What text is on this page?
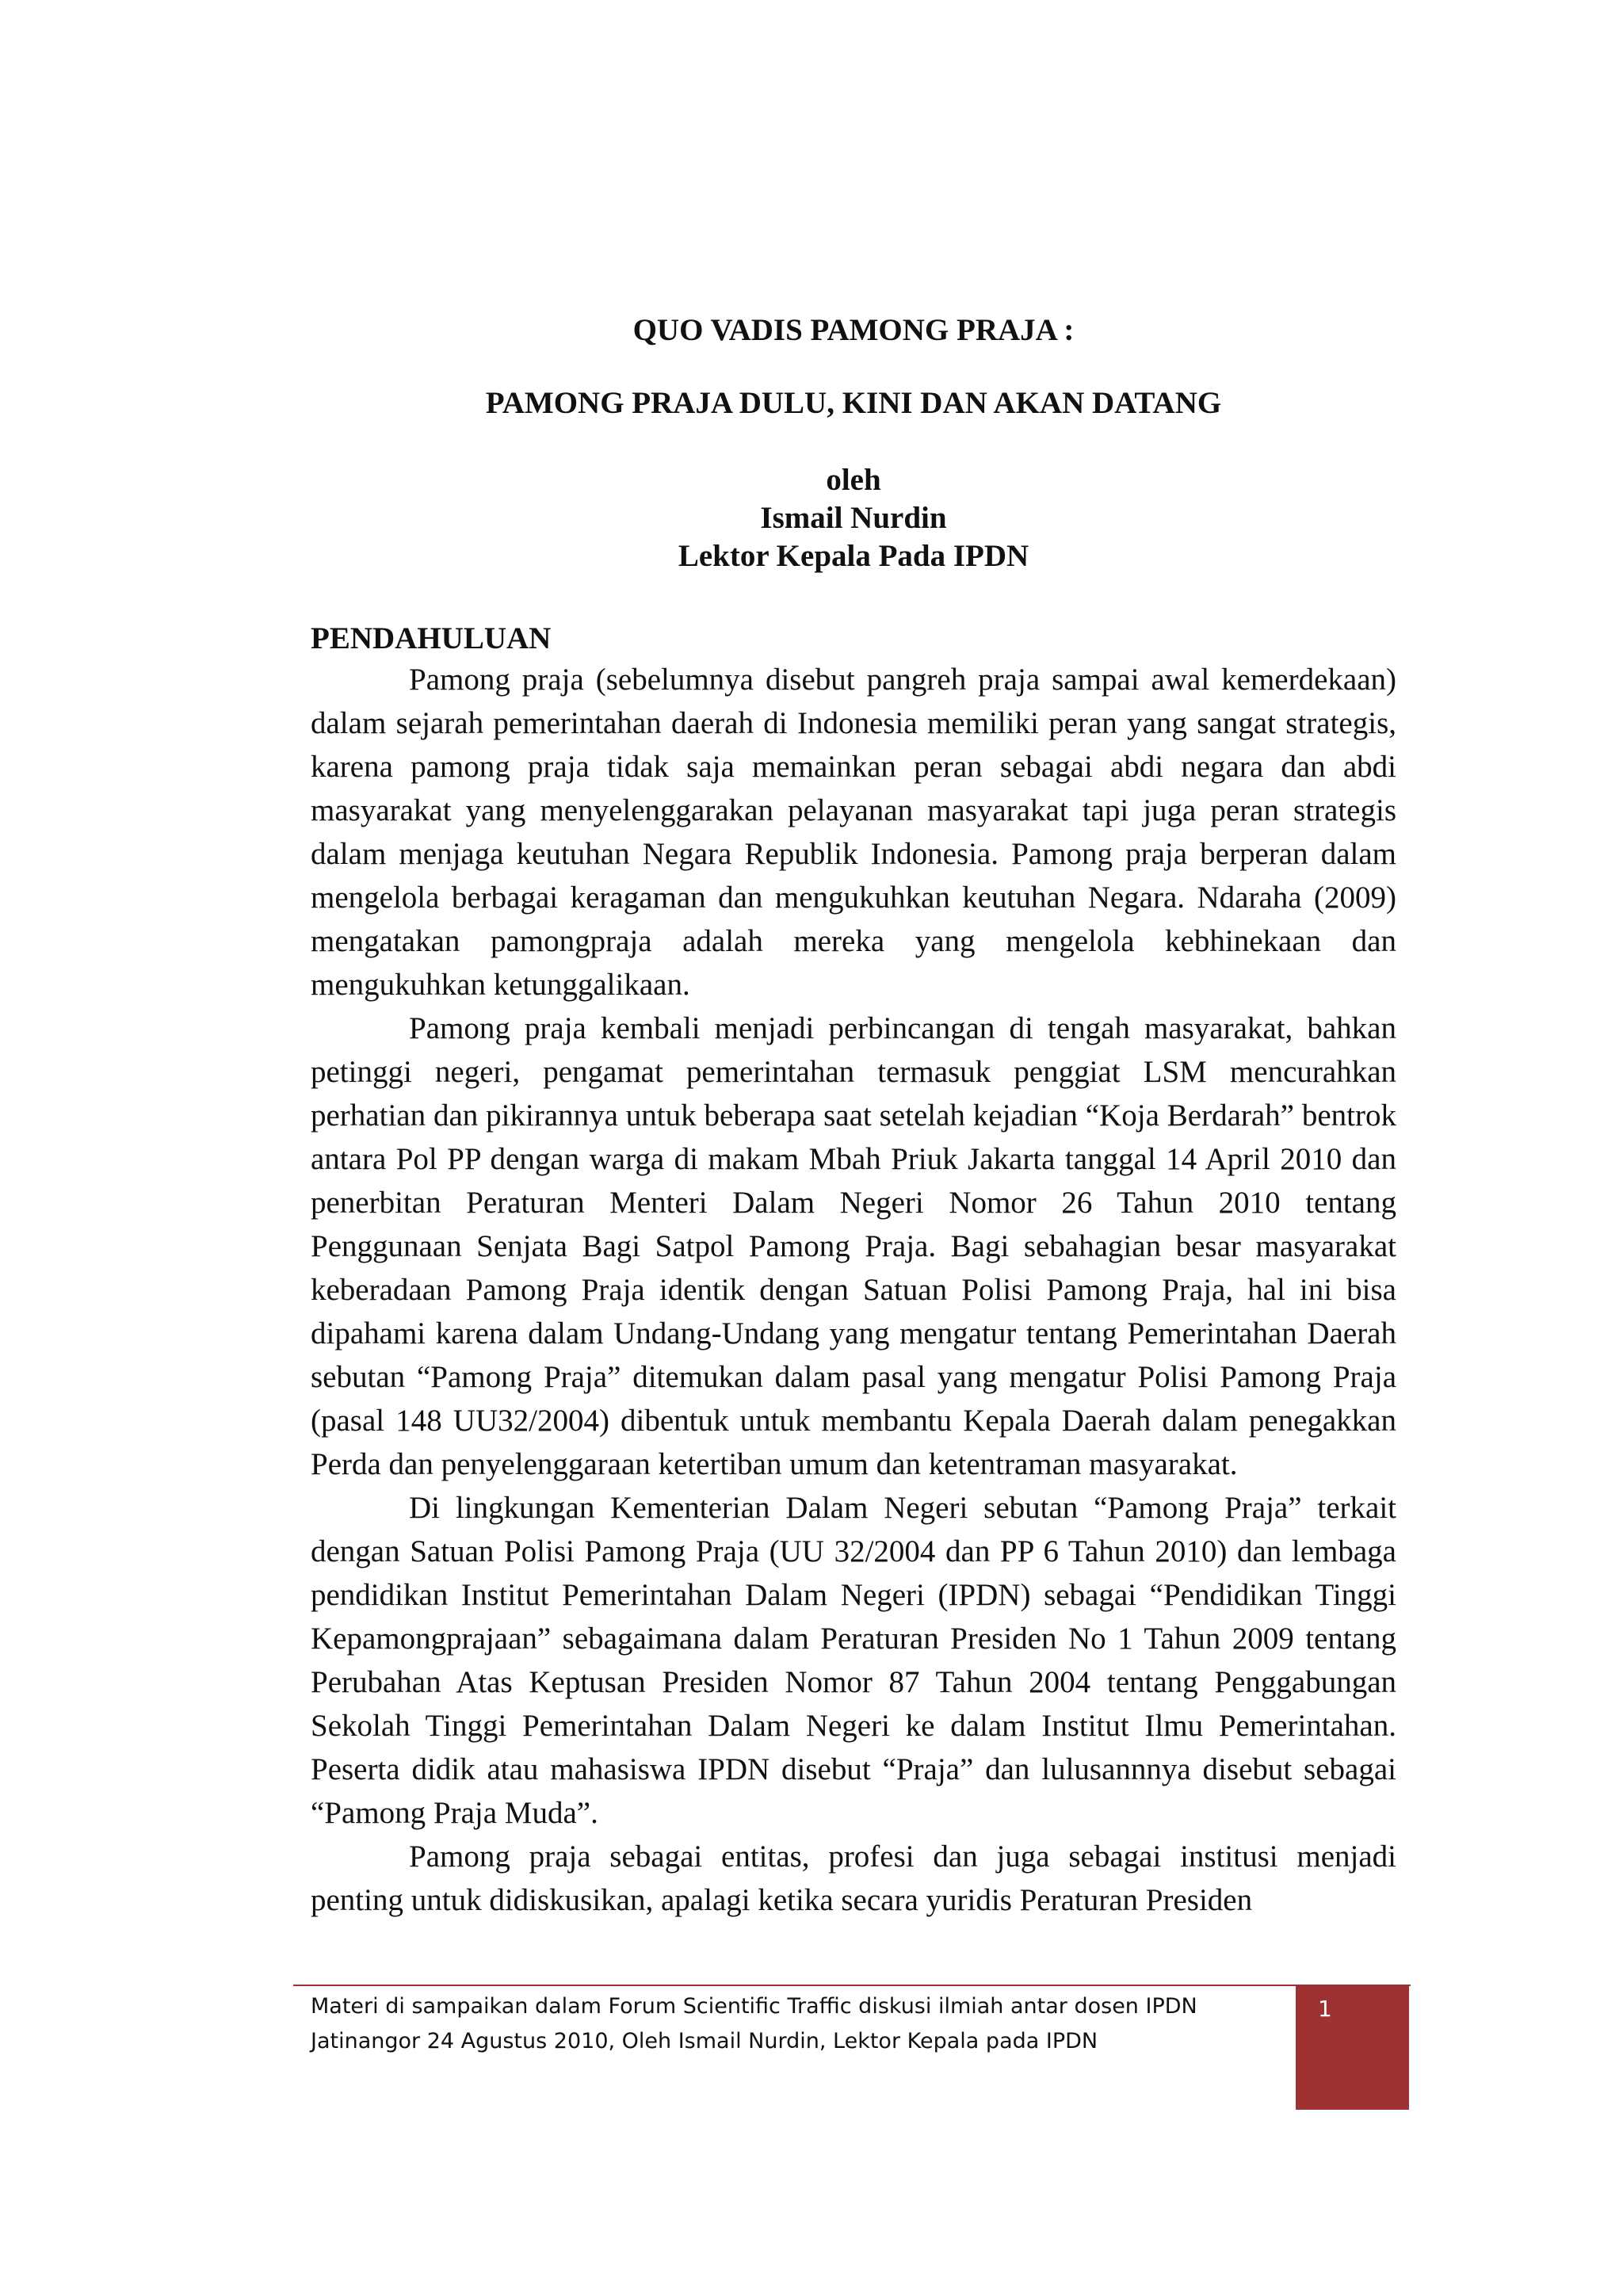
QUO VADIS PAMONG PRAJA :

PAMONG PRAJA DULU, KINI DAN AKAN DATANG

oleh

Ismail Nurdin

Lektor Kepala Pada IPDN

PENDAHULUAN

Pamong praja (sebelumnya disebut pangreh praja sampai awal kemerdekaan) dalam sejarah pemerintahan daerah di Indonesia memiliki peran yang sangat strategis, karena pamong praja tidak saja memainkan peran sebagai abdi negara dan abdi masyarakat yang menyelenggarakan pelayanan masyarakat tapi juga peran strategis dalam menjaga keutuhan Negara Republik Indonesia. Pamong praja berperan dalam mengelola berbagai keragaman dan mengukuhkan keutuhan Negara. Ndaraha (2009) mengatakan pamongpraja adalah mereka yang mengelola kebhinekaan dan mengukuhkan ketunggalikaan.

Pamong praja kembali menjadi perbincangan di tengah masyarakat, bahkan petinggi negeri, pengamat pemerintahan termasuk penggiat LSM mencurahkan perhatian dan pikirannya untuk beberapa saat setelah kejadian “Koja Berdarah” bentrok antara Pol PP dengan warga di makam Mbah Priuk Jakarta tanggal 14 April 2010 dan penerbitan Peraturan Menteri Dalam Negeri Nomor 26 Tahun 2010 tentang Penggunaan Senjata Bagi Satpol Pamong Praja. Bagi sebahagian besar masyarakat keberadaan Pamong Praja identik dengan Satuan Polisi Pamong Praja, hal ini bisa dipahami karena dalam Undang-Undang yang mengatur tentang Pemerintahan Daerah sebutan “Pamong Praja” ditemukan dalam pasal yang mengatur Polisi Pamong Praja (pasal 148 UU32/2004) dibentuk untuk membantu Kepala Daerah dalam penegakkan Perda dan penyelenggaraan ketertiban umum dan ketentraman masyarakat.

Di lingkungan Kementerian Dalam Negeri sebutan “Pamong Praja” terkait dengan Satuan Polisi Pamong Praja (UU 32/2004 dan PP 6 Tahun 2010) dan lembaga pendidikan Institut Pemerintahan Dalam Negeri (IPDN) sebagai “Pendidikan Tinggi Kepamongprajaan” sebagaimana dalam Peraturan Presiden No 1 Tahun 2009 tentang Perubahan Atas Keptusan Presiden Nomor 87 Tahun 2004 tentang Penggabungan Sekolah Tinggi Pemerintahan Dalam Negeri ke dalam Institut Ilmu Pemerintahan. Peserta didik atau mahasiswa IPDN disebut “Praja” dan lulusannnya disebut sebagai “Pamong Praja Muda”.

Pamong praja sebagai entitas, profesi dan juga sebagai institusi menjadi penting untuk didiskusikan, apalagi ketika secara yuridis Peraturan Presiden

Materi di sampaikan dalam Forum Scientific Traffic diskusi ilmiah antar dosen IPDN

Jatinangor 24 Agustus 2010, Oleh Ismail Nurdin, Lektor Kepala pada IPDN

1
